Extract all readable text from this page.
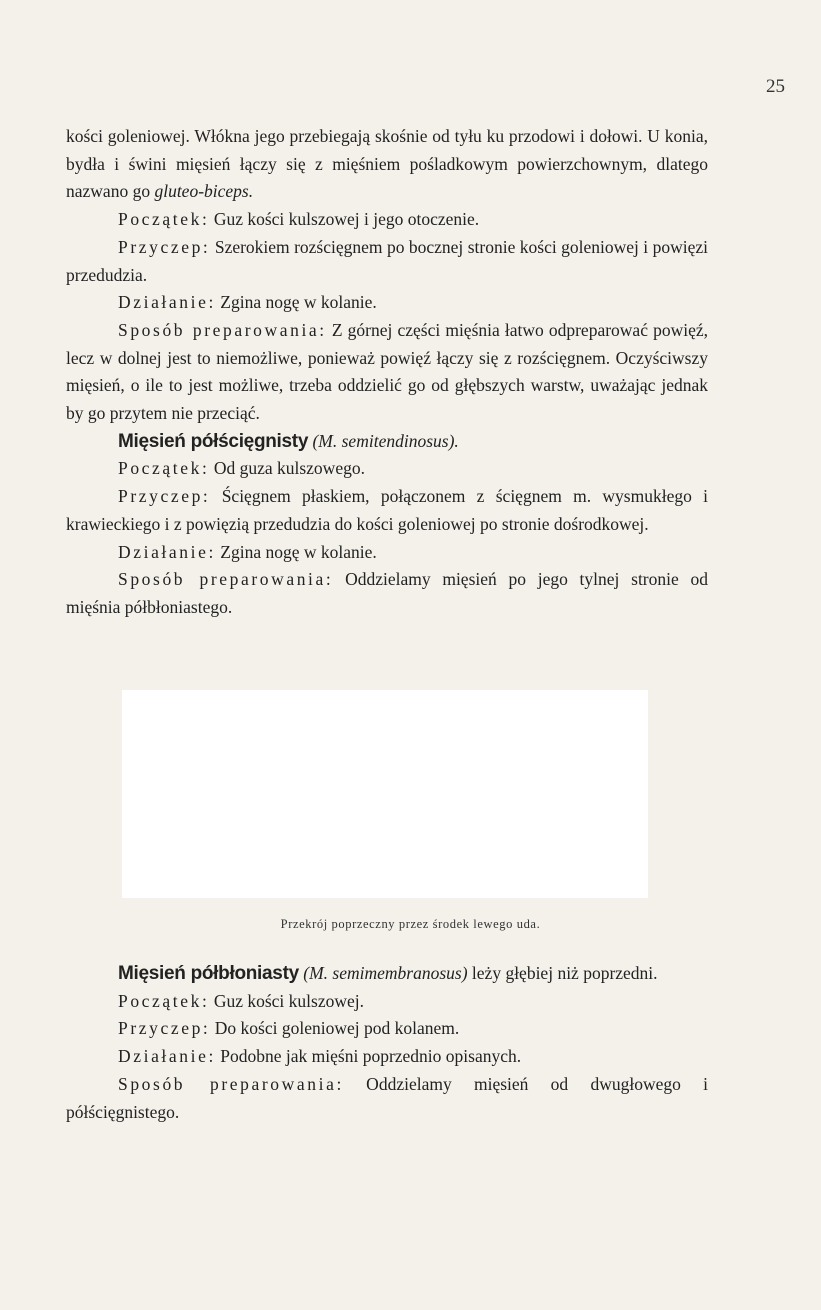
25

kości goleniowej. Włókna jego przebiegają skośnie od tyłu ku przodowi i dołowi. U konia, bydła i świni mięsień łączy się z mięśniem pośladkowym powierzchownym, dlatego nazwano go gluteo-biceps.

Początek: Guz kości kulszowej i jego otoczenie.

Przyczep: Szerokiem rozścięgnem po bocznej stronie kości goleniowej i powięzi przedudzia.

Działanie: Zgina nogę w kolanie.

Sposób preparowania: Z górnej części mięśnia łatwo odpreparować powięź, lecz w dolnej jest to niemożliwe, ponieważ powięź łączy się z rozścięgnem. Oczyściwszy mięsień, o ile to jest możliwe, trzeba oddzielić go od głębszych warstw, uważając jednak by go przytem nie przeciąć.

Mięsień półścięgnisty (M. semitendinosus).

Początek: Od guza kulszowego.

Przyczep: Ścięgnem płaskiem, połączonem z ścięgnem m. wysmukłego i krawieckiego i z powięzią przedudzia do kości goleniowej po stronie dośrodkowej.

Działanie: Zgina nogę w kolanie.

Sposób preparowania: Oddzielamy mięsień po jego tylnej stronie od mięśnia półbłoniastego.

Przekrój poprzeczny przez środek lewego uda.

Mięsień półbłoniasty (M. semimembranosus) leży głębiej niż poprzedni.

Początek: Guz kości kulszowej.

Przyczep: Do kości goleniowej pod kolanem.

Działanie: Podobne jak mięśni poprzednio opisanych.

Sposób preparowania: Oddzielamy mięsień od dwugłowego i półścięgnistego.
